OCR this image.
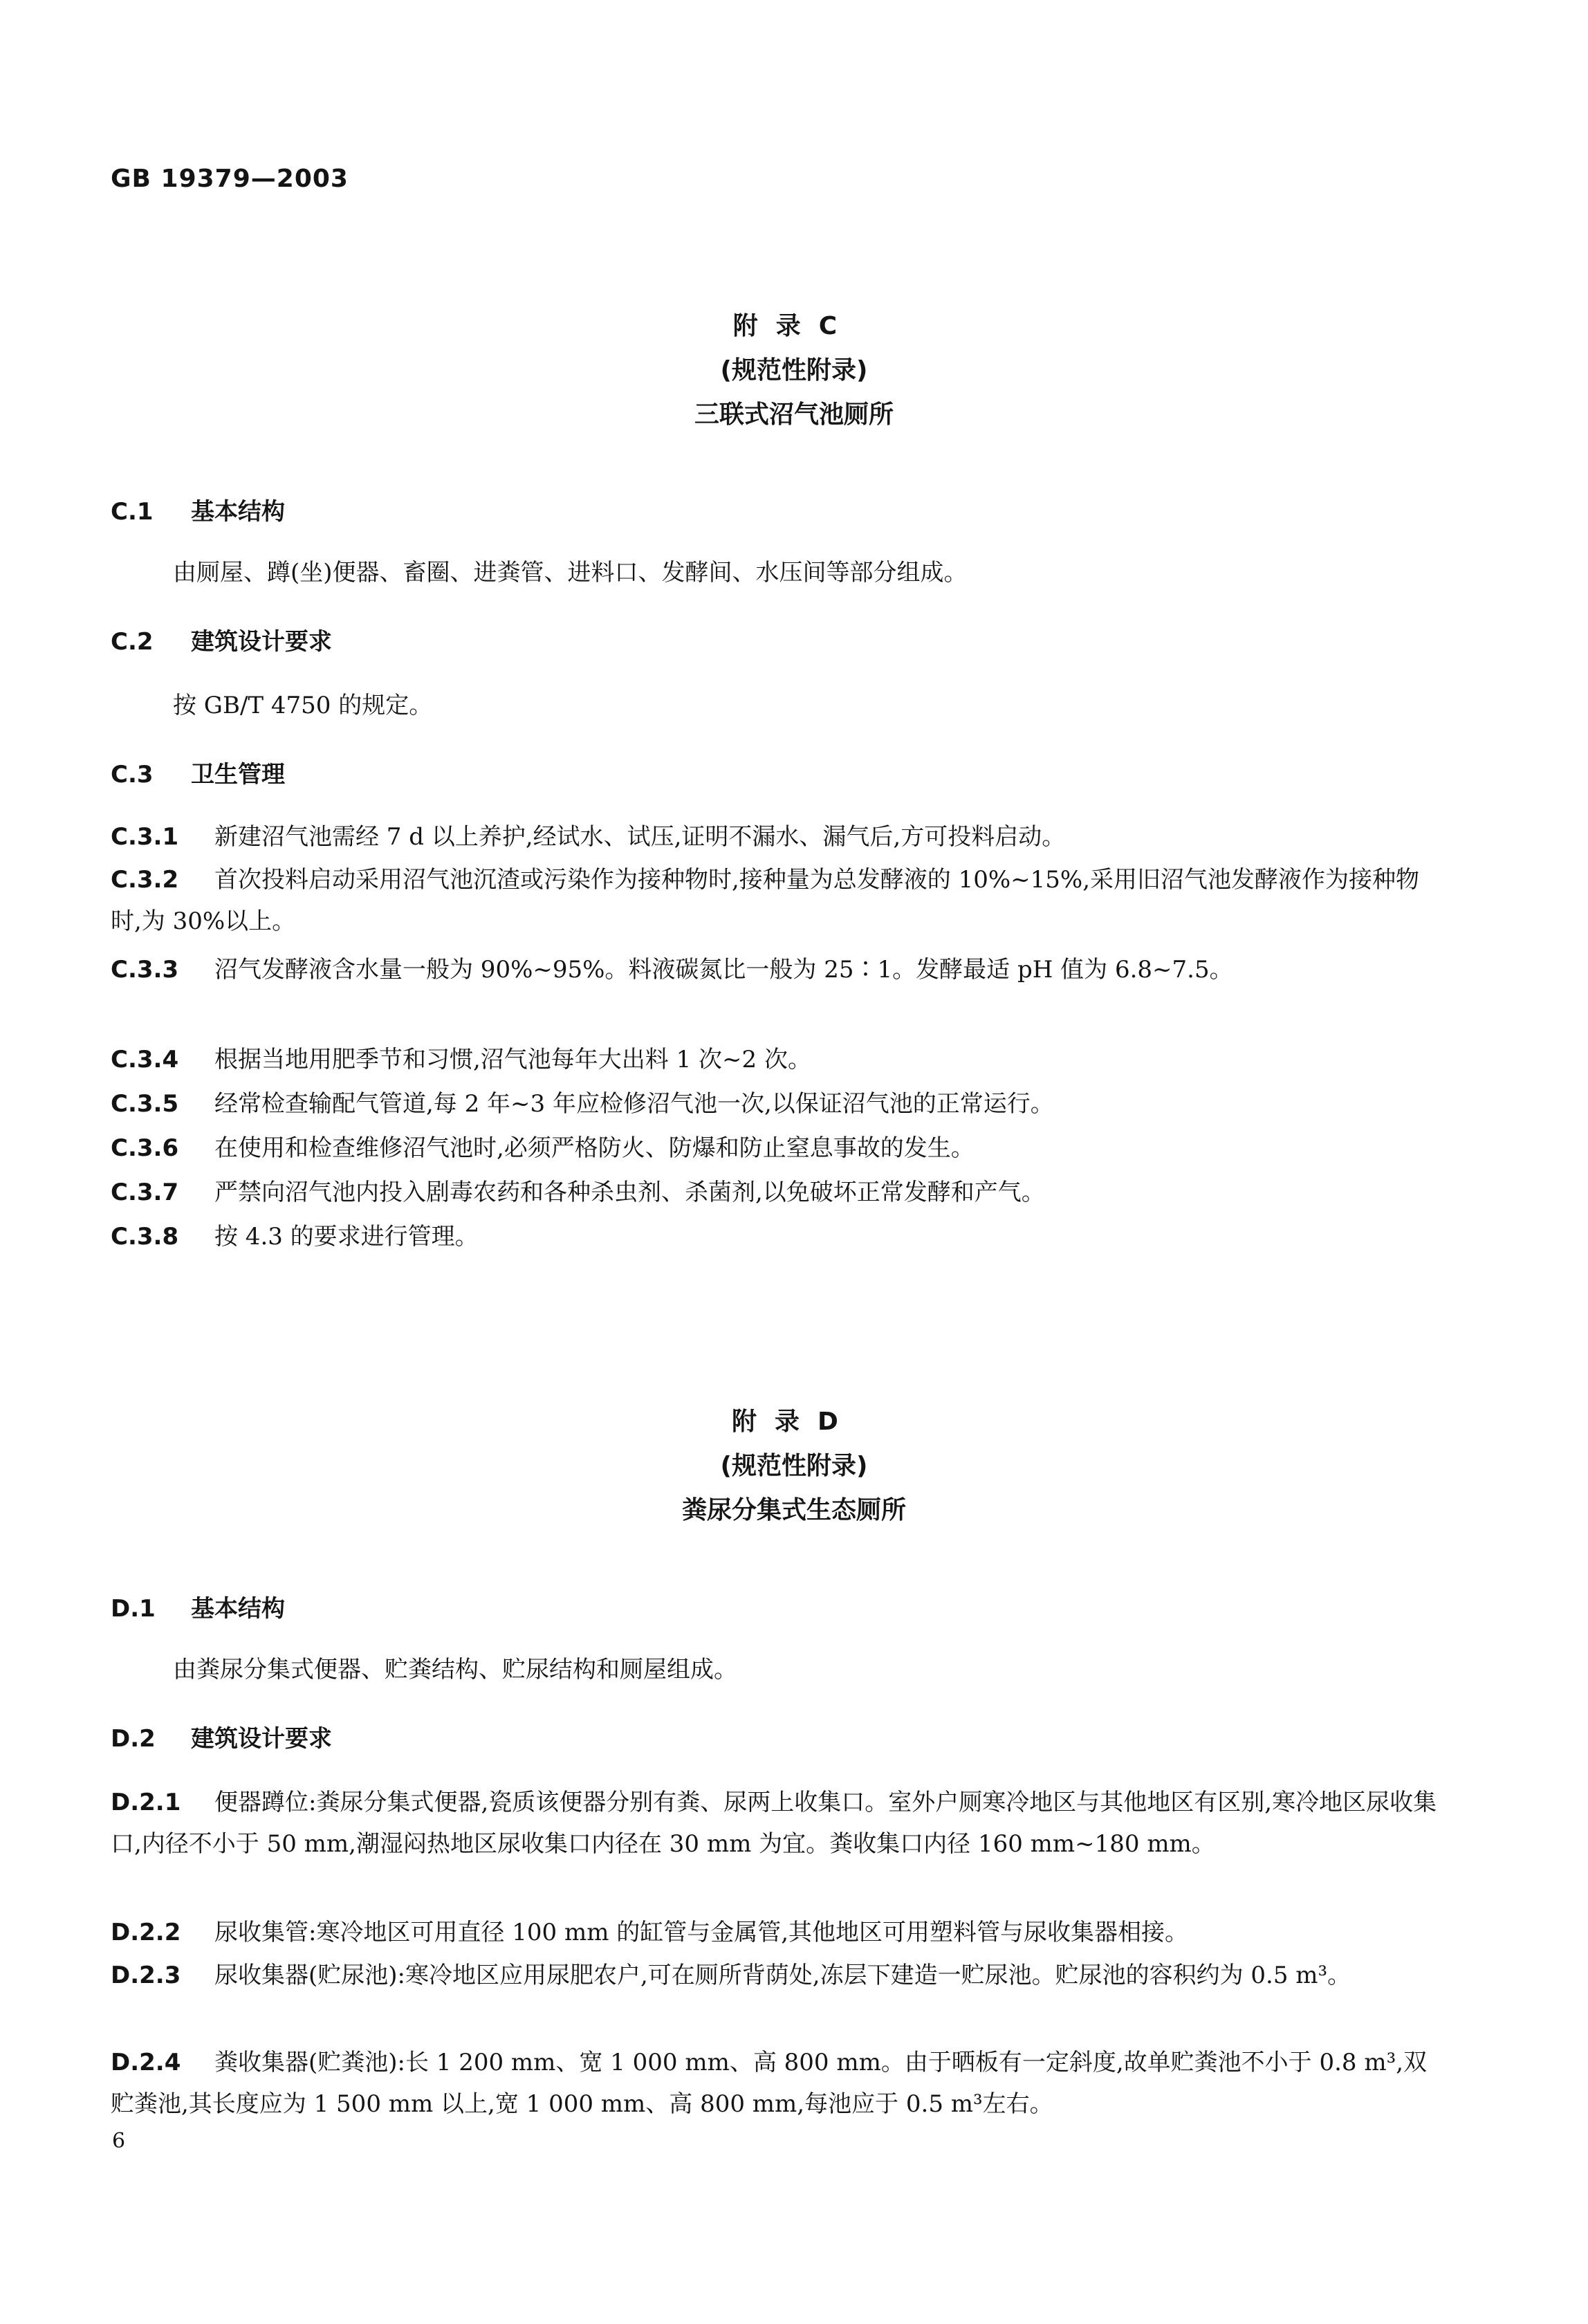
GB 19379—2003
附录C
(规范性附录)
三联式沼气池厕所
C.1 基本结构
由厕屋、蹲(坐)便器、畜圈、进粪管、进料口、发酵间、水压间等部分组成。
C.2 建筑设计要求
按 GB/T 4750 的规定。
C.3 卫生管理
C.3.1 新建沼气池需经 7 d 以上养护,经试水、试压,证明不漏水、漏气后,方可投料启动。
C.3.2 首次投料启动采用沼气池沉渣或污染作为接种物时,接种量为总发酵液的 10%~15%,采用旧沼气池发酵液作为接种物时,为 30%以上。
C.3.3 沼气发酵液含水量一般为 90%~95%。料液碳氮比一般为 25∶1。发酵最适 pH 值为 6.8~7.5。
C.3.4 根据当地用肥季节和习惯,沼气池每年大出料 1 次~2 次。
C.3.5 经常检查输配气管道,每 2 年~3 年应检修沼气池一次,以保证沼气池的正常运行。
C.3.6 在使用和检查维修沼气池时,必须严格防火、防爆和防止窒息事故的发生。
C.3.7 严禁向沼气池内投入剧毒农药和各种杀虫剂、杀菌剂,以免破坏正常发酵和产气。
C.3.8 按 4.3 的要求进行管理。
附录D
(规范性附录)
粪尿分集式生态厕所
D.1 基本结构
由粪尿分集式便器、贮粪结构、贮尿结构和厕屋组成。
D.2 建筑设计要求
D.2.1 便器蹲位:粪尿分集式便器,瓷质该便器分别有粪、尿两上收集口。室外户厕寒冷地区与其他地区有区别,寒冷地区尿收集口,内径不小于 50 mm,潮湿闷热地区尿收集口内径在 30 mm 为宜。粪收集口内径 160 mm~180 mm。
D.2.2 尿收集管:寒冷地区可用直径 100 mm 的缸管与金属管,其他地区可用塑料管与尿收集器相接。
D.2.3 尿收集器(贮尿池):寒冷地区应用尿肥农户,可在厕所背荫处,冻层下建造一贮尿池。贮尿池的容积约为 0.5 m³。
D.2.4 粪收集器(贮粪池):长 1 200 mm、宽 1 000 mm、高 800 mm。由于晒板有一定斜度,故单贮粪池不小于 0.8 m³,双贮粪池,其长度应为 1 500 mm 以上,宽 1 000 mm、高 800 mm,每池应于 0.5 m³左右。
6
